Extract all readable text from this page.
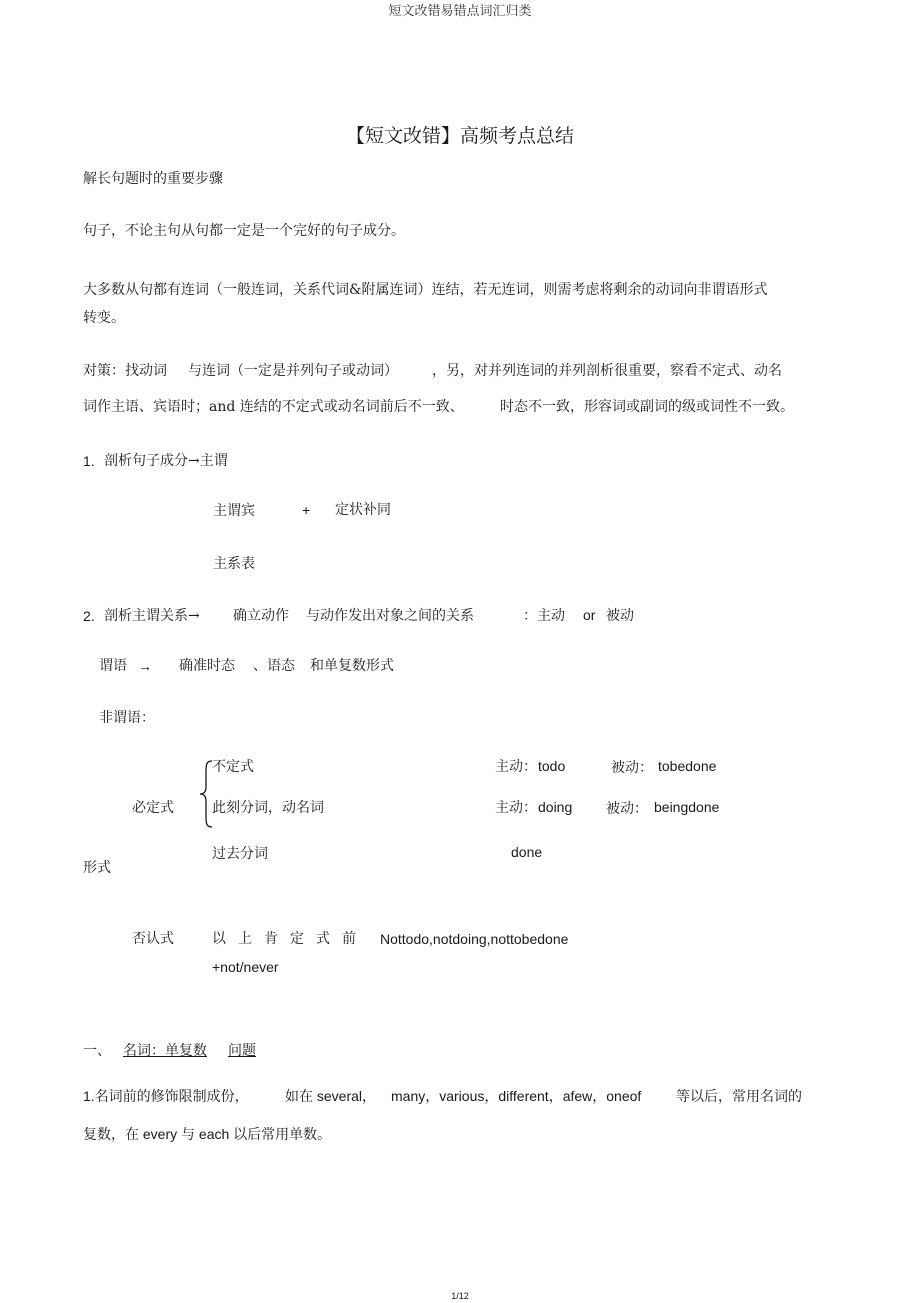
短文改错易错点词汇归类
【短文改错】高频考点总结
解长句题时的重要步骤
句子，不论主句从句都一定是一个完好的句子成分。
大多数从句都有连词（一般连词，关系代词&附属连词）连结，若无连词，则需考虑将剩余的动词向非谓语形式
转变。
对策：找动词 与连词（一定是并列句子或动词） ，另，对并列连词的并列剖析很重要，察看不定式、动名
词作主语、宾语时；and 连结的不定式或动名词前后不一致、	时态不一致，形容词或副词的级或词性不一致。
1. 剖析句子成分→主谓
主谓宾	+ 定状补同
主系表
2. 剖析主谓关系→ 确立动作 与动作发出对象之间的关系	：主动 or 被动
谓语 → 确准时态 、语态 和单复数形式
非谓语：
必定式
形式
不定式	主动： todo	被动： tobedone
此刻分词，动名词	主动： doing 被动： beingdone
过去分词	done
否认式	以上肯定式前 Nottodo,notdoing,nottobedone
+not/never
一、 名词：单复数 问题
1.名词前的修饰限制成份，	如在 several， many，various，different，afew，oneof 等以后，常用名词的
复数，在 every 与 each 以后常用单数。
1/12
